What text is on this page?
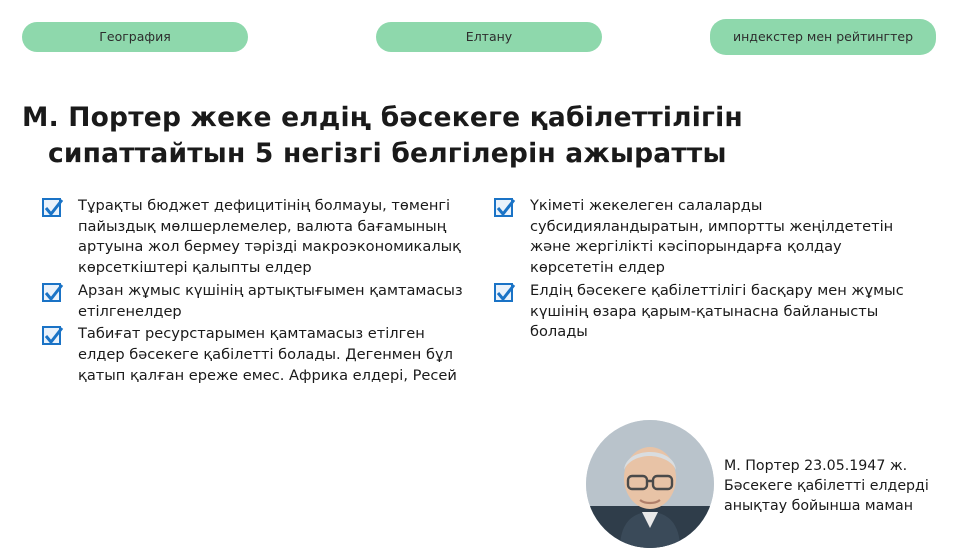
География	Елтану	индекстер мен рейтингтер
М. Портер жеке елдің бәсекеге қабілеттілігін
сипаттайтын 5 негізгі белгілерін ажыратты
Тұрақты бюджет дефицитінің болмауы, төменгі пайыздық мөлшерлемелер, валюта бағамының артуына жол бермеу тәрізді макроэкономикалық көрсеткіштері қалыпты елдер
Арзан жұмыс күшінің артықтығымен қамтамасыз етілгенелдер
Табиғат ресурстарымен қамтамасыз етілген елдер бәсекеге қабілетті болады. Дегенмен бұл қатып қалған ереже емес. Африка елдері, Ресей
Үкіметі жекелеген салаларды субсидияландыратын, импортты жеңілдететін және жергілікті кәсіпорындарға қолдау көрсететін елдер
Елдің бәсекеге қабілеттілігі басқару мен жұмыс күшінің өзара қарым-қатынасна байланысты болады
М. Портер 23.05.1947 ж.
Бәсекеге қабілетті елдерді
анықтау бойынша маман
